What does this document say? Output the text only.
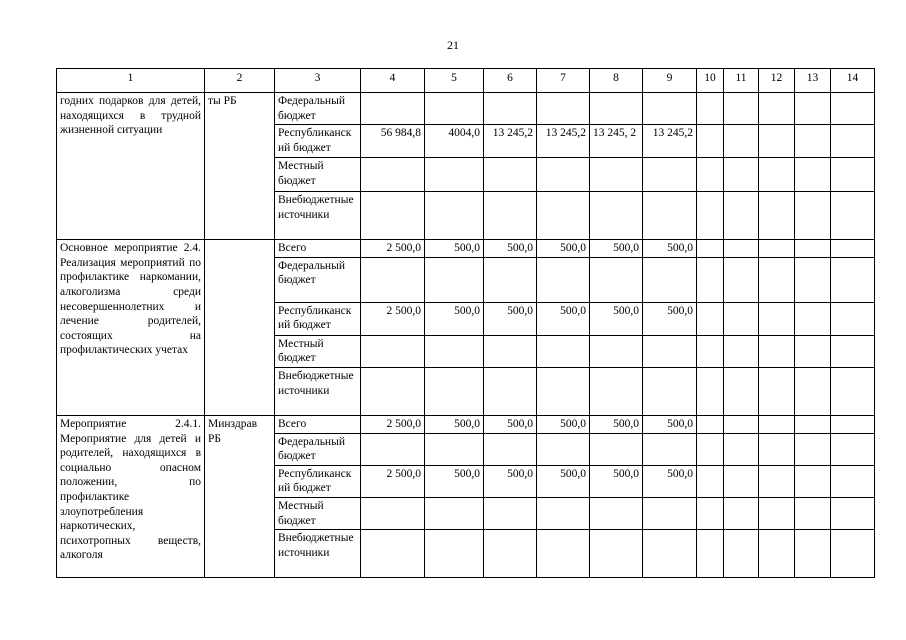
21
1	2	3	4	5	6	7	8	9	10	11	12	13	14
годних подарков для детей, находящихся в трудной жизненной ситуации	ты РБ	Федеральный бюджет											
		Республиканский бюджет	56 984,8	4004,0	13 245,2	13 245,2	13 245, 2	13 245,2					
		Местный бюджет											
		Внебюджетные источники											
Основное мероприятие 2.4. Реализация мероприятий по профилактике наркомании, алкоголизма среди несовершеннолетних и лечение родителей, состоящих на профилактических учетах		Всего	2 500,0	500,0	500,0	500,0	500,0	500,0					
		Федеральный бюджет											
		Республиканский бюджет	2 500,0	500,0	500,0	500,0	500,0	500,0					
		Местный бюджет											
		Внебюджетные источники											
Мероприятие 2.4.1. Мероприятие для детей и родителей, находящихся в социально опасном положении, по профилактике злоупотребления наркотических, психотропных веществ, алкоголя	Минздрав РБ	Всего	2 500,0	500,0	500,0	500,0	500,0	500,0					
		Федеральный бюджет											
		Республиканский бюджет	2 500,0	500,0	500,0	500,0	500,0	500,0					
		Местный бюджет											
		Внебюджетные источники											
